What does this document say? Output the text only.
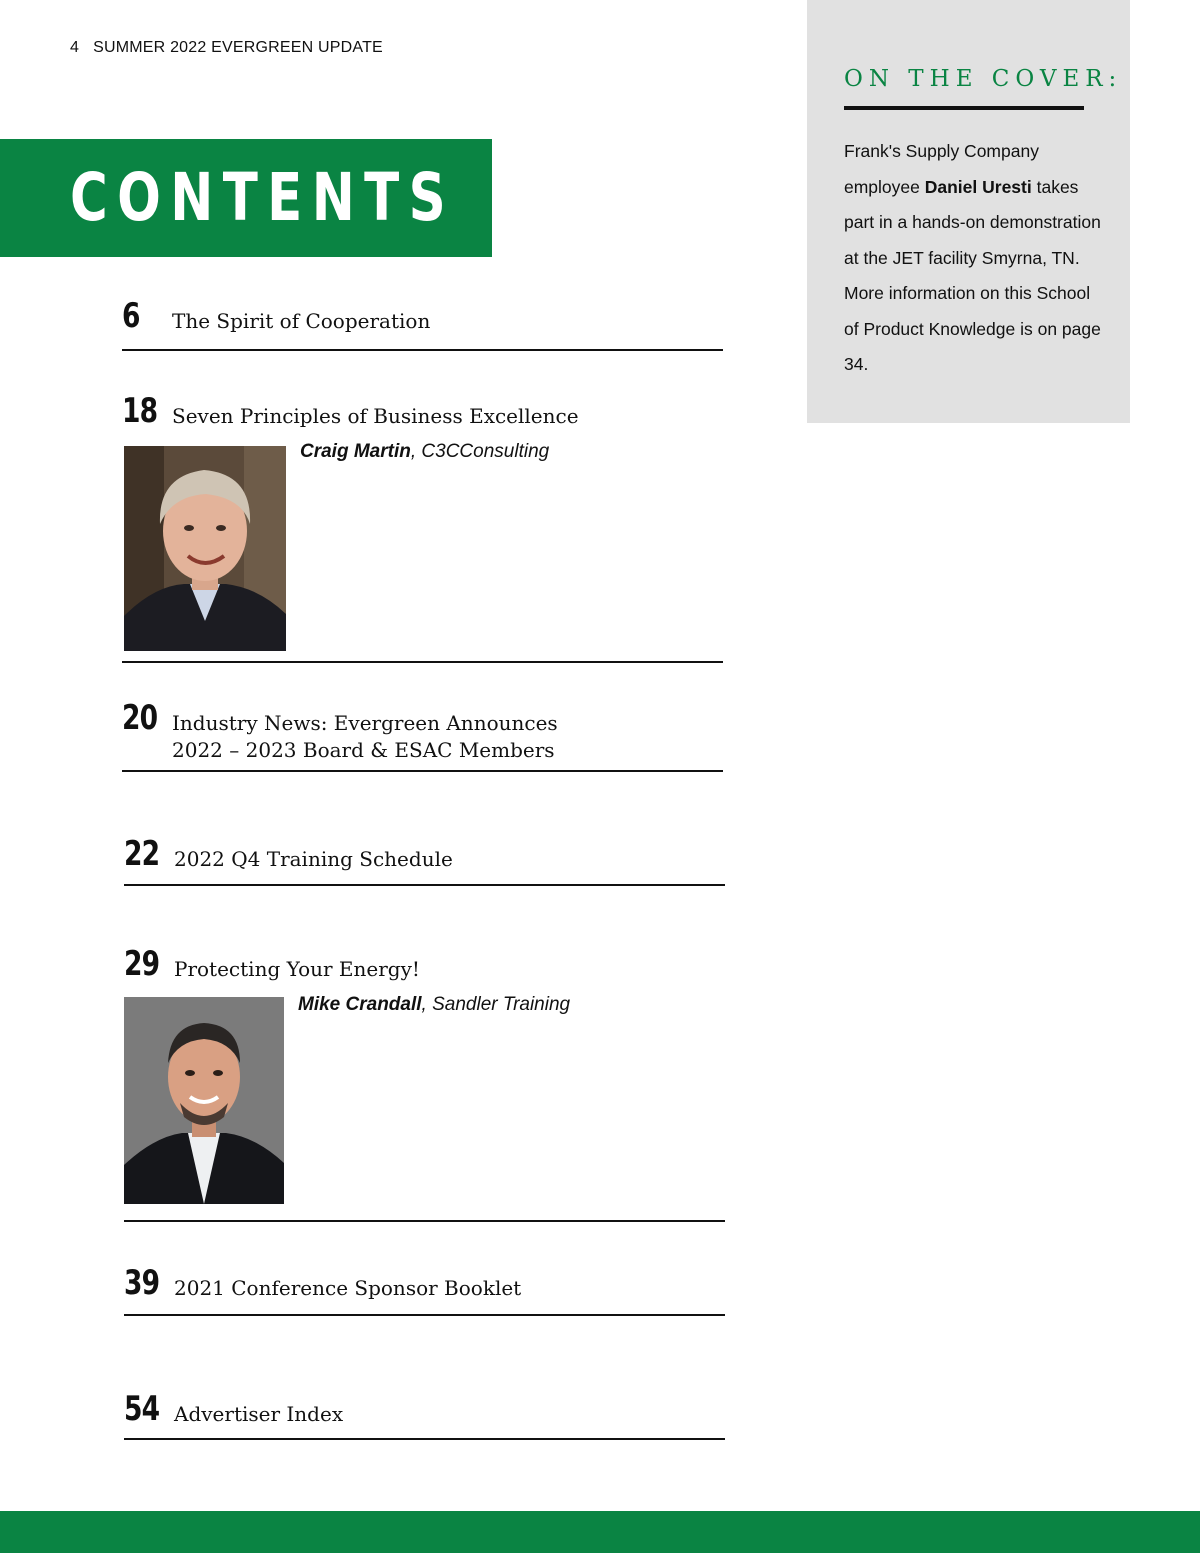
4 SUMMER 2022 EVERGREEN UPDATE
CONTENTS
6 The Spirit of Cooperation
18 Seven Principles of Business Excellence
Craig Martin, C3CConsulting
20 Industry News: Evergreen Announces
2022 – 2023 Board & ESAC Members
22 2022 Q4 Training Schedule
29 Protecting Your Energy!
Mike Crandall, Sandler Training
39 2021 Conference Sponsor Booklet
54 Advertiser Index
ON THE COVER:
Frank's Supply Company employee Daniel Uresti takes part in a hands-on demonstration at the JET facility Smyrna, TN. More information on this School of Product Knowledge is on page 34.
